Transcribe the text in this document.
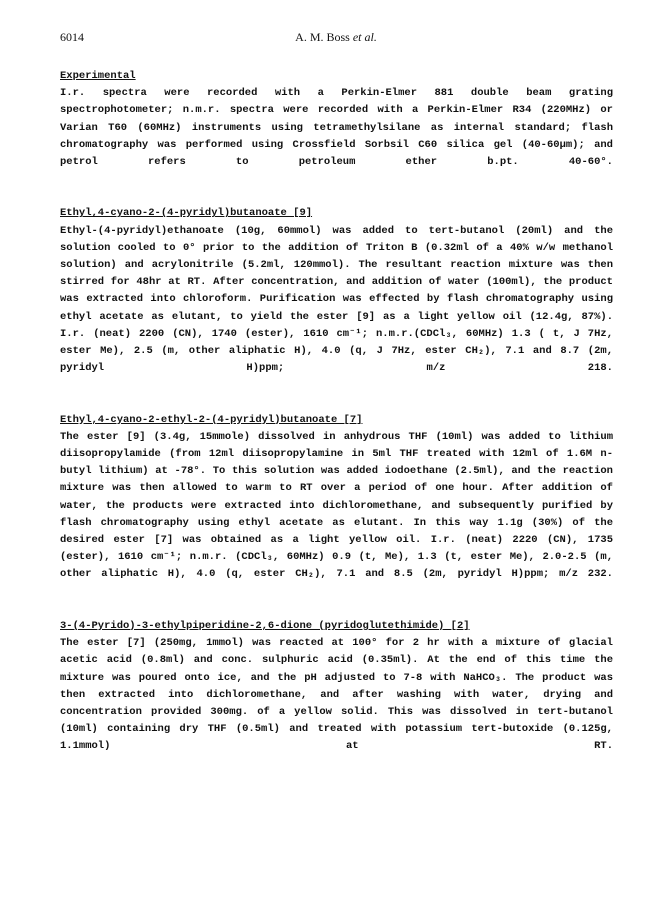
6014	A. M. Boss et al.
Experimental
I.r. spectra were recorded with a Perkin-Elmer 881 double beam grating spectrophotometer; n.m.r. spectra were recorded with a Perkin-Elmer R34 (220MHz) or Varian T60 (60MHz) instruments using tetramethylsilane as internal standard; flash chromatography was performed using Crossfield Sorbsil C60 silica gel (40-60µm); and petrol refers to petroleum ether b.pt. 40-60°.
Ethyl,4-cyano-2-(4-pyridyl)butanoate [9]
Ethyl-(4-pyridyl)ethanoate (10g, 60mmol) was added to tert-butanol (20ml) and the solution cooled to 0° prior to the addition of Triton B (0.32ml of a 40% w/w methanol solution) and acrylonitrile (5.2ml, 120mmol). The resultant reaction mixture was then stirred for 48hr at RT. After concentration, and addition of water (100ml), the product was extracted into chloroform. Purification was effected by flash chromatography using ethyl acetate as elutant, to yield the ester [9] as a light yellow oil (12.4g, 87%). I.r. (neat) 2200 (CN), 1740 (ester), 1610 cm⁻¹; n.m.r.(CDCl₃, 60MHz) 1.3 ( t, J 7Hz, ester Me), 2.5 (m, other aliphatic H), 4.0 (q, J 7Hz, ester CH₂), 7.1 and 8.7 (2m, pyridyl H)ppm; m/z 218.
Ethyl,4-cyano-2-ethyl-2-(4-pyridyl)butanoate [7]
The ester [9] (3.4g, 15mmole) dissolved in anhydrous THF (10ml) was added to lithium diisopropylamide (from 12ml diisopropylamine in 5ml THF treated with 12ml of 1.6M n-butyl lithium) at -78°. To this solution was added iodoethane (2.5ml), and the reaction mixture was then allowed to warm to RT over a period of one hour. After addition of water, the products were extracted into dichloromethane, and subsequently purified by flash chromatography using ethyl acetate as elutant. In this way 1.1g (30%) of the desired ester [7] was obtained as a light yellow oil. I.r. (neat) 2220 (CN), 1735 (ester), 1610 cm⁻¹; n.m.r. (CDCl₃, 60MHz) 0.9 (t, Me), 1.3 (t, ester Me), 2.0-2.5 (m, other aliphatic H), 4.0 (q, ester CH₂), 7.1 and 8.5 (2m, pyridyl H)ppm; m/z 232.
3-(4-Pyrido)-3-ethylpiperidine-2,6-dione (pyridoglutethimide) [2]
The ester [7] (250mg, 1mmol) was reacted at 100° for 2 hr with a mixture of glacial acetic acid (0.8ml) and conc. sulphuric acid (0.35ml). At the end of this time the mixture was poured onto ice, and the pH adjusted to 7-8 with NaHCO₃. The product was then extracted into dichloromethane, and after washing with water, drying and concentration provided 300mg. of a yellow solid. This was dissolved in tert-butanol (10ml) containing dry THF (0.5ml) and treated with potassium tert-butoxide (0.125g, 1.1mmol) at RT.
